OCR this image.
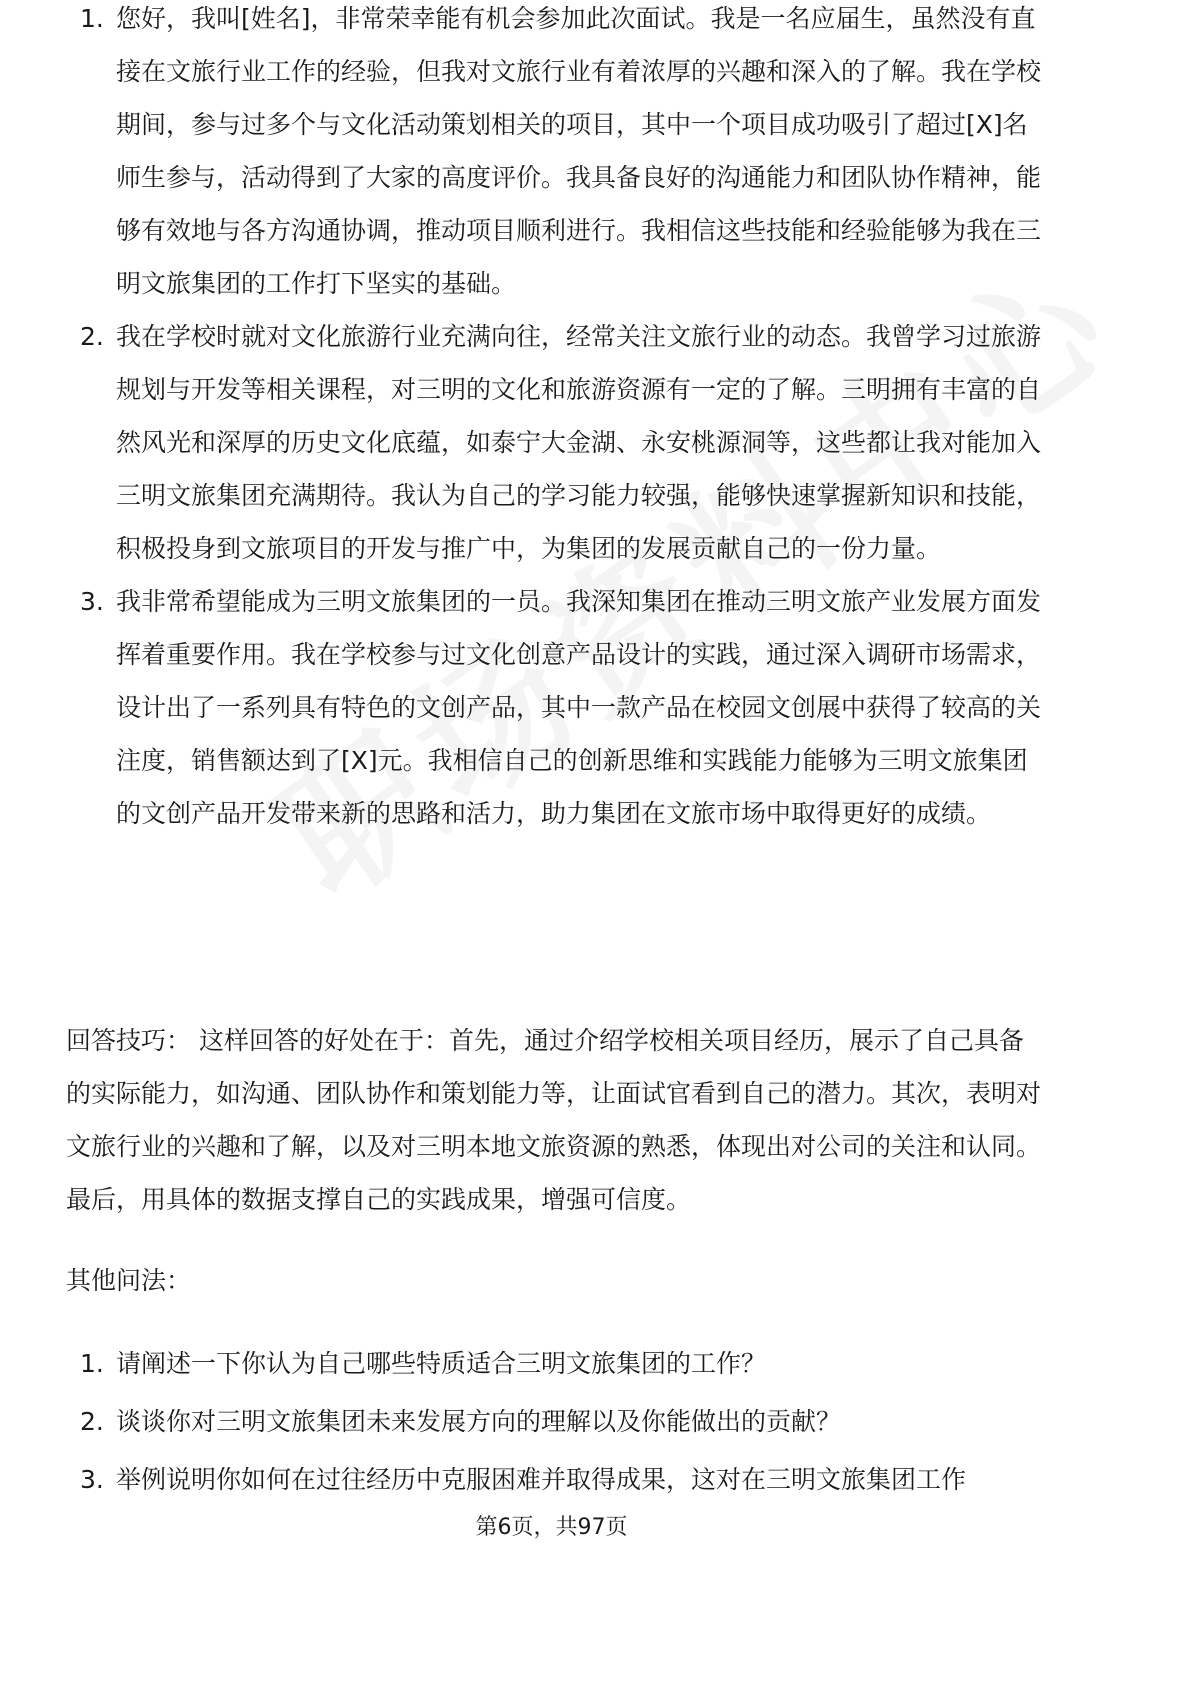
1. 您好，我叫[姓名]，非常荣幸能有机会参加此次面试。我是一名应届生，虽然没有直接在文旅行业工作的经验，但我对文旅行业有着浓厚的兴趣和深入的了解。我在学校期间，参与过多个与文化活动策划相关的项目，其中一个项目成功吸引了超过[X]名师生参与，活动得到了大家的高度评价。我具备良好的沟通能力和团队协作精神，能够有效地与各方沟通协调，推动项目顺利进行。我相信这些技能和经验能够为我在三明文旅集团的工作打下坚实的基础。
2. 我在学校时就对文化旅游行业充满向往，经常关注文旅行业的动态。我曾学习过旅游规划与开发等相关课程，对三明的文化和旅游资源有一定的了解。三明拥有丰富的自然风光和深厚的历史文化底蕴，如泰宁大金湖、永安桃源洞等，这些都让我对能加入三明文旅集团充满期待。我认为自己的学习能力较强，能够快速掌握新知识和技能，积极投身到文旅项目的开发与推广中，为集团的发展贡献自己的一份力量。
3. 我非常希望能成为三明文旅集团的一员。我深知集团在推动三明文旅产业发展方面发挥着重要作用。我在学校参与过文化创意产品设计的实践，通过深入调研市场需求，设计出了一系列具有特色的文创产品，其中一款产品在校园文创展中获得了较高的关注度，销售额达到了[X]元。我相信自己的创新思维和实践能力能够为三明文旅集团的文创产品开发带来新的思路和活力，助力集团在文旅市场中取得更好的成绩。

回答技巧： 这样回答的好处在于：首先，通过介绍学校相关项目经历，展示了自己具备的实际能力，如沟通、团队协作和策划能力等，让面试官看到自己的潜力。其次，表明对文旅行业的兴趣和了解，以及对三明本地文旅资源的熟悉，体现出对公司的关注和认同。最后，用具体的数据支撑自己的实践成果，增强可信度。

其他问法：

1. 请阐述一下你认为自己哪些特质适合三明文旅集团的工作？
2. 谈谈你对三明文旅集团未来发展方向的理解以及你能做出的贡献？
3. 举例说明你如何在过往经历中克服困难并取得成果，这对在三明文旅集团工作
第6页，共97页
